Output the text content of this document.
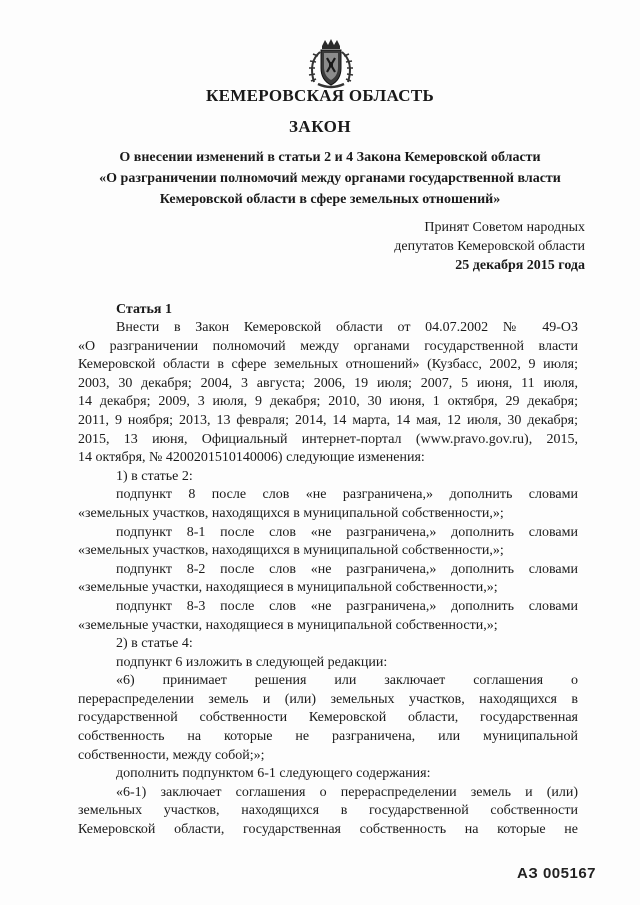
КЕМЕРОВСКАЯ ОБЛАСТЬ
ЗАКОН
О внесении изменений в статьи 2 и 4 Закона Кемеровской области
«О разграничении полномочий между органами государственной власти
Кемеровской области в сфере земельных отношений»
Принят Советом народных
депутатов Кемеровской области
25 декабря 2015 года
Статья 1
Внести в Закон Кемеровской области от 04.07.2002 № 49-ОЗ
«О разграничении полномочий между органами государственной власти
Кемеровской области в сфере земельных отношений» (Кузбасс, 2002, 9 июля;
2003, 30 декабря; 2004, 3 августа; 2006, 19 июля; 2007, 5 июня, 11 июля,
14 декабря; 2009, 3 июля, 9 декабря; 2010, 30 июня, 1 октября, 29 декабря;
2011, 9 ноября; 2013, 13 февраля; 2014, 14 марта, 14 мая, 12 июля, 30 декабря;
2015, 13 июня, Официальный интернет-портал (www.pravo.gov.ru), 2015,
14 октября, № 4200201510140006) следующие изменения:
1) в статье 2:
подпункт 8 после слов «не разграничена,» дополнить словами
«земельных участков, находящихся в муниципальной собственности,»;
подпункт 8-1 после слов «не разграничена,» дополнить словами
«земельных участков, находящихся в муниципальной собственности,»;
подпункт 8-2 после слов «не разграничена,» дополнить словами
«земельные участки, находящиеся в муниципальной собственности,»;
подпункт 8-3 после слов «не разграничена,» дополнить словами
«земельные участки, находящиеся в муниципальной собственности,»;
2) в статье 4:
подпункт 6 изложить в следующей редакции:
«6) принимает решения или заключает соглашения о
перераспределении земель и (или) земельных участков, находящихся в
государственной собственности Кемеровской области, государственная
собственность на которые не разграничена, или муниципальной
собственности, между собой;»;
дополнить подпунктом 6-1 следующего содержания:
«6-1) заключает соглашения о перераспределении земель и (или)
земельных участков, находящихся в государственной собственности
Кемеровской области, государственная собственность на которые не
АЗ 005167
